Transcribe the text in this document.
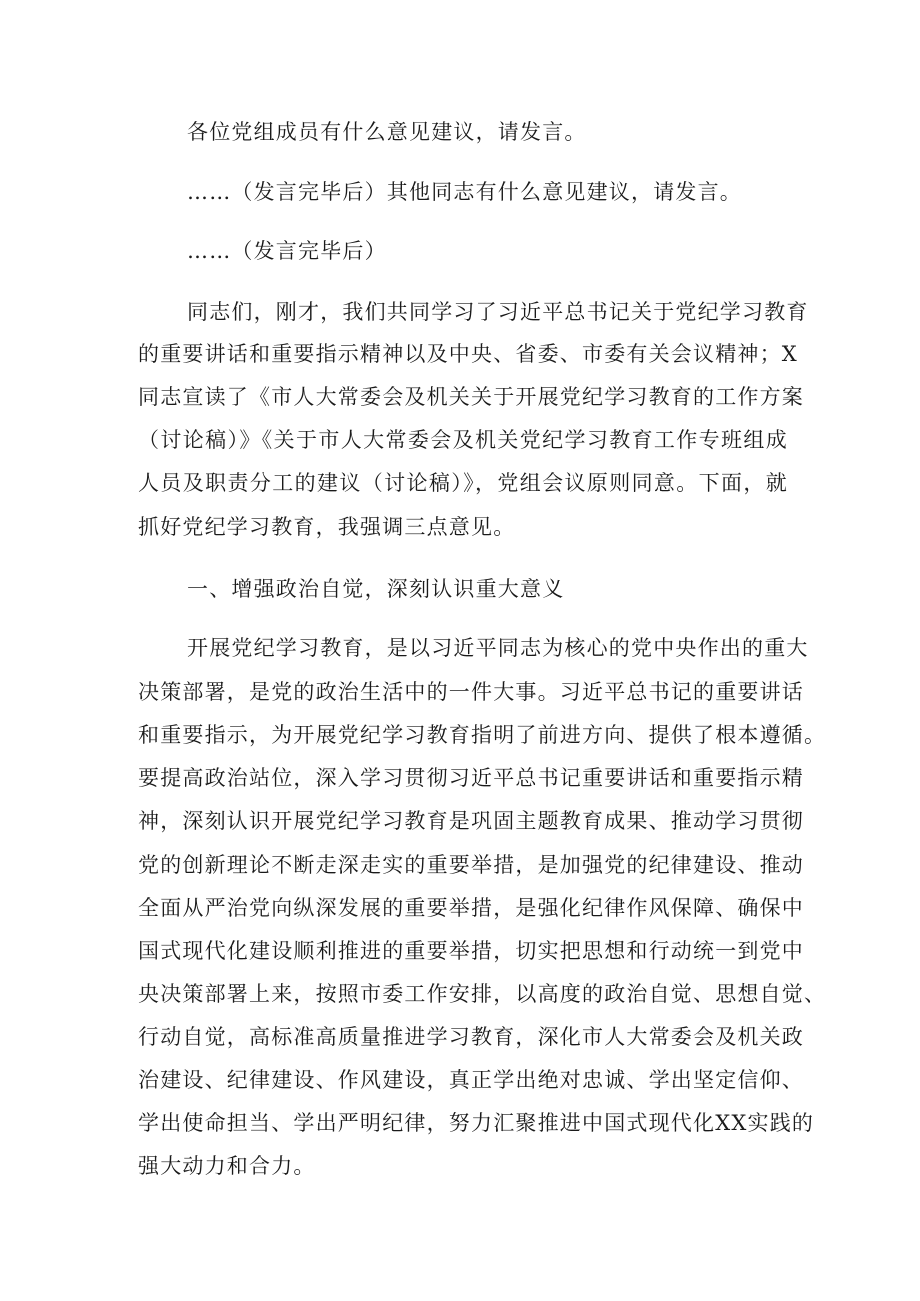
各位党组成员有什么意见建议，请发言。
……（发言完毕后）其他同志有什么意见建议，请发言。
……（发言完毕后）
同志们，刚才，我们共同学习了习近平总书记关于党纪学习教育
的重要讲话和重要指示精神以及中央、省委、市委有关会议精神；X
同志宣读了《市人大常委会及机关关于开展党纪学习教育的工作方案
（讨论稿）》《关于市人大常委会及机关党纪学习教育工作专班组成
人员及职责分工的建议（讨论稿）》，党组会议原则同意。下面，就
抓好党纪学习教育，我强调三点意见。
一、增强政治自觉，深刻认识重大意义
开展党纪学习教育，是以习近平同志为核心的党中央作出的重大
决策部署，是党的政治生活中的一件大事。习近平总书记的重要讲话
和重要指示，为开展党纪学习教育指明了前进方向、提供了根本遵循。
要提高政治站位，深入学习贯彻习近平总书记重要讲话和重要指示精
神，深刻认识开展党纪学习教育是巩固主题教育成果、推动学习贯彻
党的创新理论不断走深走实的重要举措，是加强党的纪律建设、推动
全面从严治党向纵深发展的重要举措，是强化纪律作风保障、确保中
国式现代化建设顺利推进的重要举措，切实把思想和行动统一到党中
央决策部署上来，按照市委工作安排，以高度的政治自觉、思想自觉、
行动自觉，高标准高质量推进学习教育，深化市人大常委会及机关政
治建设、纪律建设、作风建设，真正学出绝对忠诚、学出坚定信仰、
学出使命担当、学出严明纪律，努力汇聚推进中国式现代化XX实践的
强大动力和合力。
